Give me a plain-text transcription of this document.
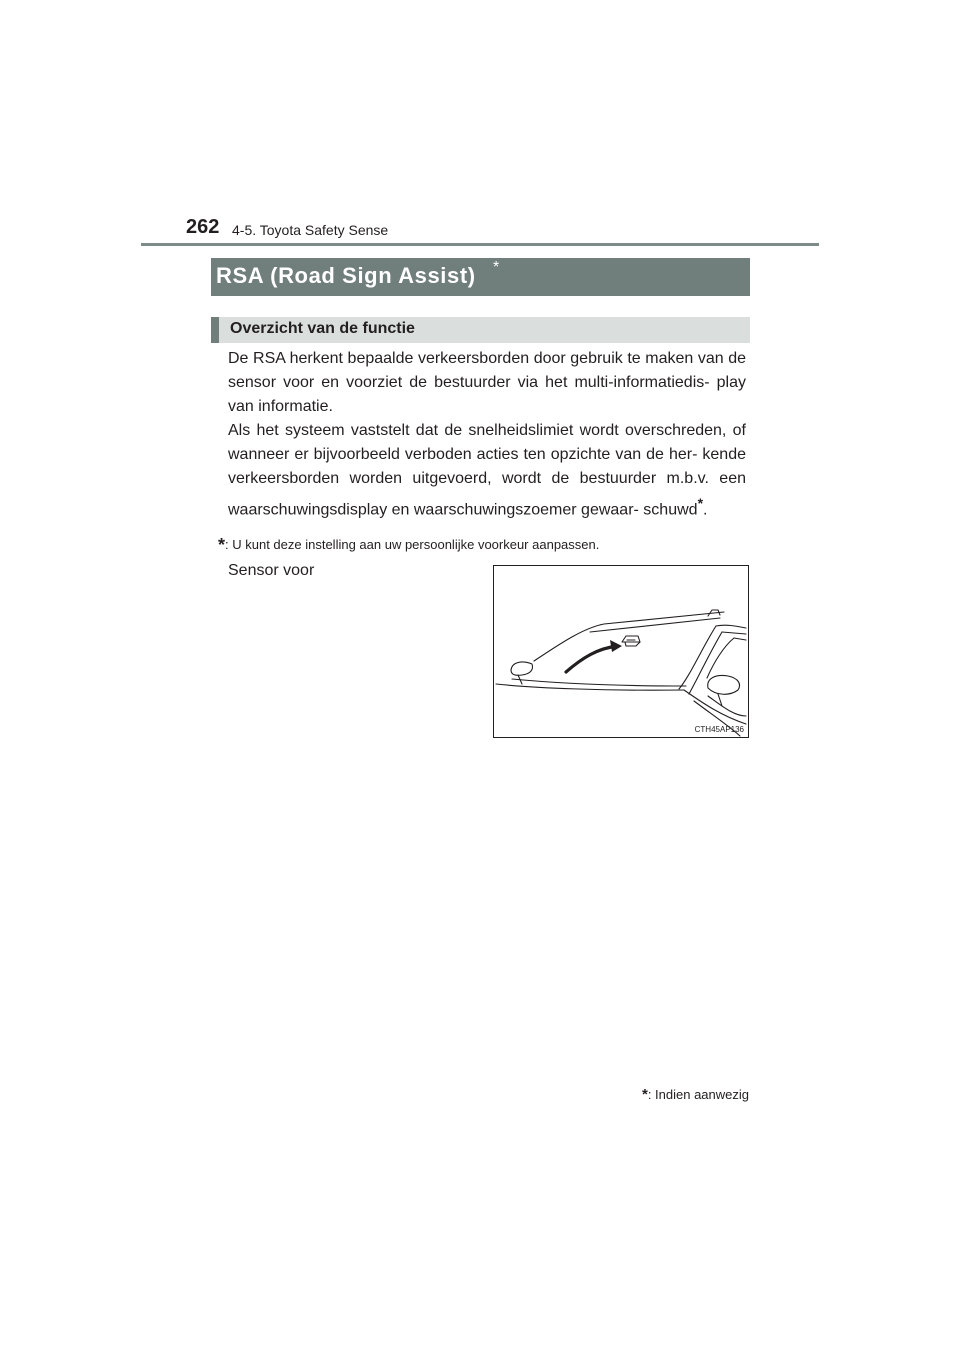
262 4-5. Toyota Safety Sense
RSA (Road Sign Assist) *
Overzicht van de functie

De RSA herkent bepaalde verkeersborden door gebruik te maken van de sensor voor en voorziet de bestuurder via het multi-informatiedis- play van informatie.

Als het systeem vaststelt dat de snelheidslimiet wordt overschreden, of wanneer er bijvoorbeeld verboden acties ten opzichte van de her- kende verkeersborden worden uitgevoerd, wordt de bestuurder m.b.v. een waarschuwingsdisplay en waarschuwingszoemer gewaar- schuwd*.

*: U kunt deze instelling aan uw persoonlijke voorkeur aanpassen.
Sensor voor
CTH45AP136
*: Indien aanwezig
